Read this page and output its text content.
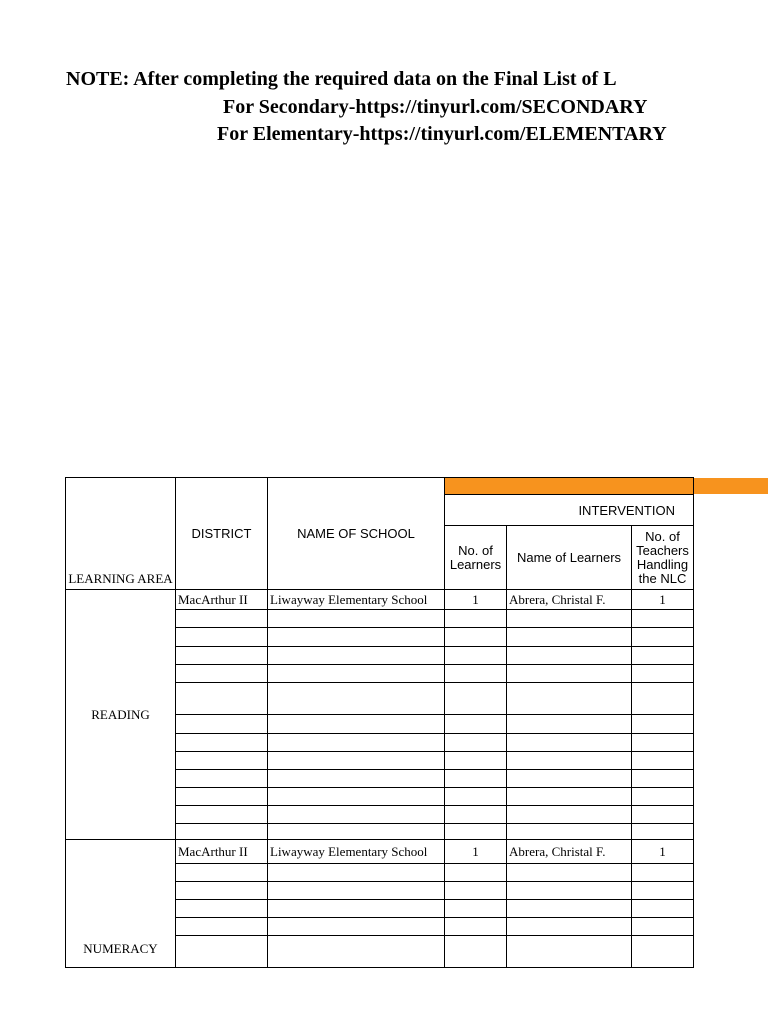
NOTE: After completing the required data on the Final List of L
For Secondary-https://tinyurl.com/SECONDARY
For Elementary-https://tinyurl.com/ELEMENTARY
LEARNING AREA	DISTRICT	NAME OF SCHOOL			
			INTERVENTION		
			No. of Learners	Name of Learners	No. of Teachers Handling the NLC
READING	MacArthur II	Liwayway Elementary School	1	Abrera, Christal F.	1

NUMERACY	MacArthur II	Liwayway Elementary School	1	Abrera, Christal F.	1
